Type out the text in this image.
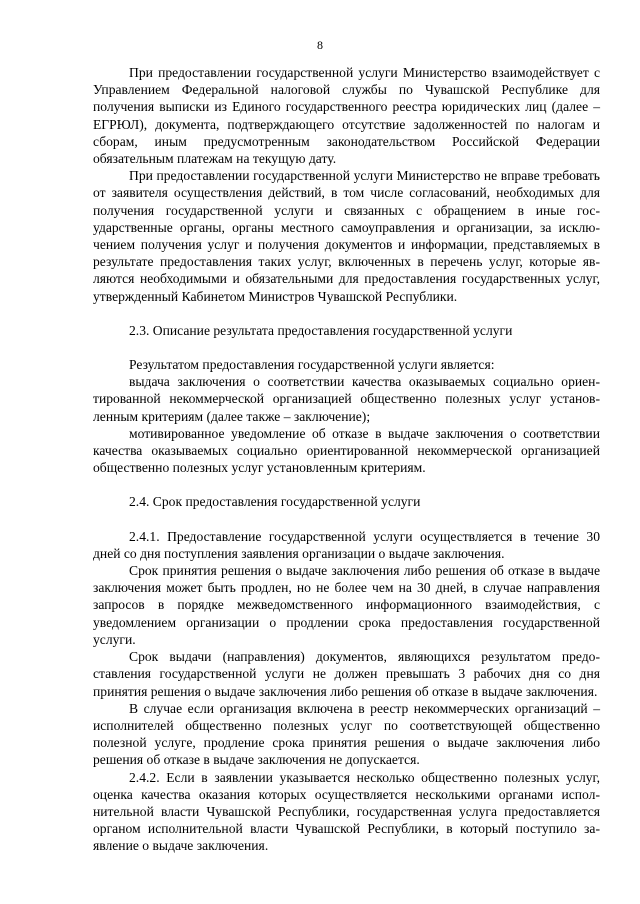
8

При предоставлении государственной услуги Министерство взаимодействует с Управлением Федеральной налоговой службы по Чувашской Республике для получения выписки из Единого государственного реестра юридических лиц (далее – ЕГРЮЛ), документа, подтверждающего отсутствие задолженностей по налогам и сборам, иным предусмотренным законодательством Российской Федерации обязательным платежам на текущую дату.

При предоставлении государственной услуги Министерство не вправе требовать от заявителя осуществления действий, в том числе согласований, необходимых для получения государственной услуги и связанных с обращением в иные государственные органы, органы местного самоуправления и организации, за исключением получения услуг и получения документов и информации, представляемых в результате предоставления таких услуг, включенных в перечень услуг, которые являются необходимыми и обязательными для предоставления государственных услуг, утвержденный Кабинетом Министров Чувашской Республики.

2.3. Описание результата предоставления государственной услуги

Результатом предоставления государственной услуги является:

выдача заключения о соответствии качества оказываемых социально ориентированной некоммерческой организацией общественно полезных услуг установленным критериям (далее также – заключение);

мотивированное уведомление об отказе в выдаче заключения о соответствии качества оказываемых социально ориентированной некоммерческой организацией общественно полезных услуг установленным критериям.

2.4. Срок предоставления государственной услуги

2.4.1. Предоставление государственной услуги осуществляется в течение 30 дней со дня поступления заявления организации о выдаче заключения.

Срок принятия решения о выдаче заключения либо решения об отказе в выдаче заключения может быть продлен, но не более чем на 30 дней, в случае направления запросов в порядке межведомственного информационного взаимодействия, с уведомлением организации о продлении срока предоставления государственной услуги.

Срок выдачи (направления) документов, являющихся результатом предоставления государственной услуги не должен превышать 3 рабочих дня со дня принятия решения о выдаче заключения либо решения об отказе в выдаче заключения.

В случае если организация включена в реестр некоммерческих организаций – исполнителей общественно полезных услуг по соответствующей общественно полезной услуге, продление срока принятия решения о выдаче заключения либо решения об отказе в выдаче заключения не допускается.

2.4.2. Если в заявлении указывается несколько общественно полезных услуг, оценка качества оказания которых осуществляется несколькими органами исполнительной власти Чувашской Республики, государственная услуга предоставляется органом исполнительной власти Чувашской Республики, в который поступило заявление о выдаче заключения.
